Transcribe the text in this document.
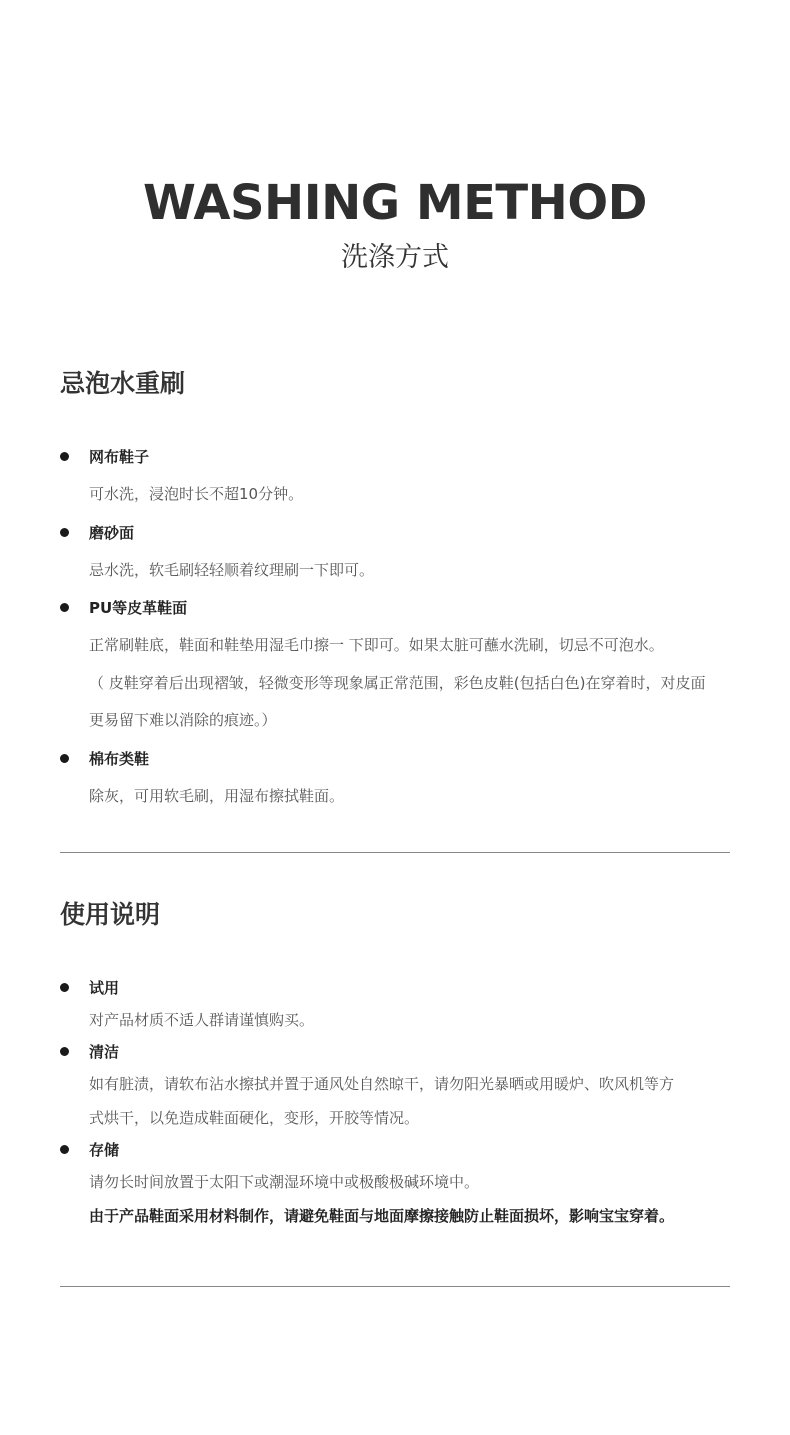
WASHING METHOD
洗涤方式
忌泡水重刷
网布鞋子

可水洗，浸泡时长不超10分钟。

磨砂面

忌水洗，软毛刷轻轻顺着纹理刷一下即可。

PU等皮革鞋面

正常刷鞋底，鞋面和鞋垫用湿毛巾擦一 下即可。如果太脏可蘸水洗刷，切忌不可泡水。

（ 皮鞋穿着后出现褶皱，轻微变形等现象属正常范围，彩色皮鞋(包括白色)在穿着时，对皮面

更易留下难以消除的痕迹。）

棉布类鞋

除灰，可用软毛刷，用湿布擦拭鞋面。

使用说明
试用

对产品材质不适人群请谨慎购买。

清洁

如有脏渍，请软布沾水擦拭并置于通风处自然晾干，请勿阳光暴晒或用暖炉、吹风机等方

式烘干，以免造成鞋面硬化，变形，开胶等情况。

存储

请勿长时间放置于太阳下或潮湿环境中或极酸极碱环境中。

由于产品鞋面采用材料制作，请避免鞋面与地面摩擦接触防止鞋面损坏，影响宝宝穿着。
